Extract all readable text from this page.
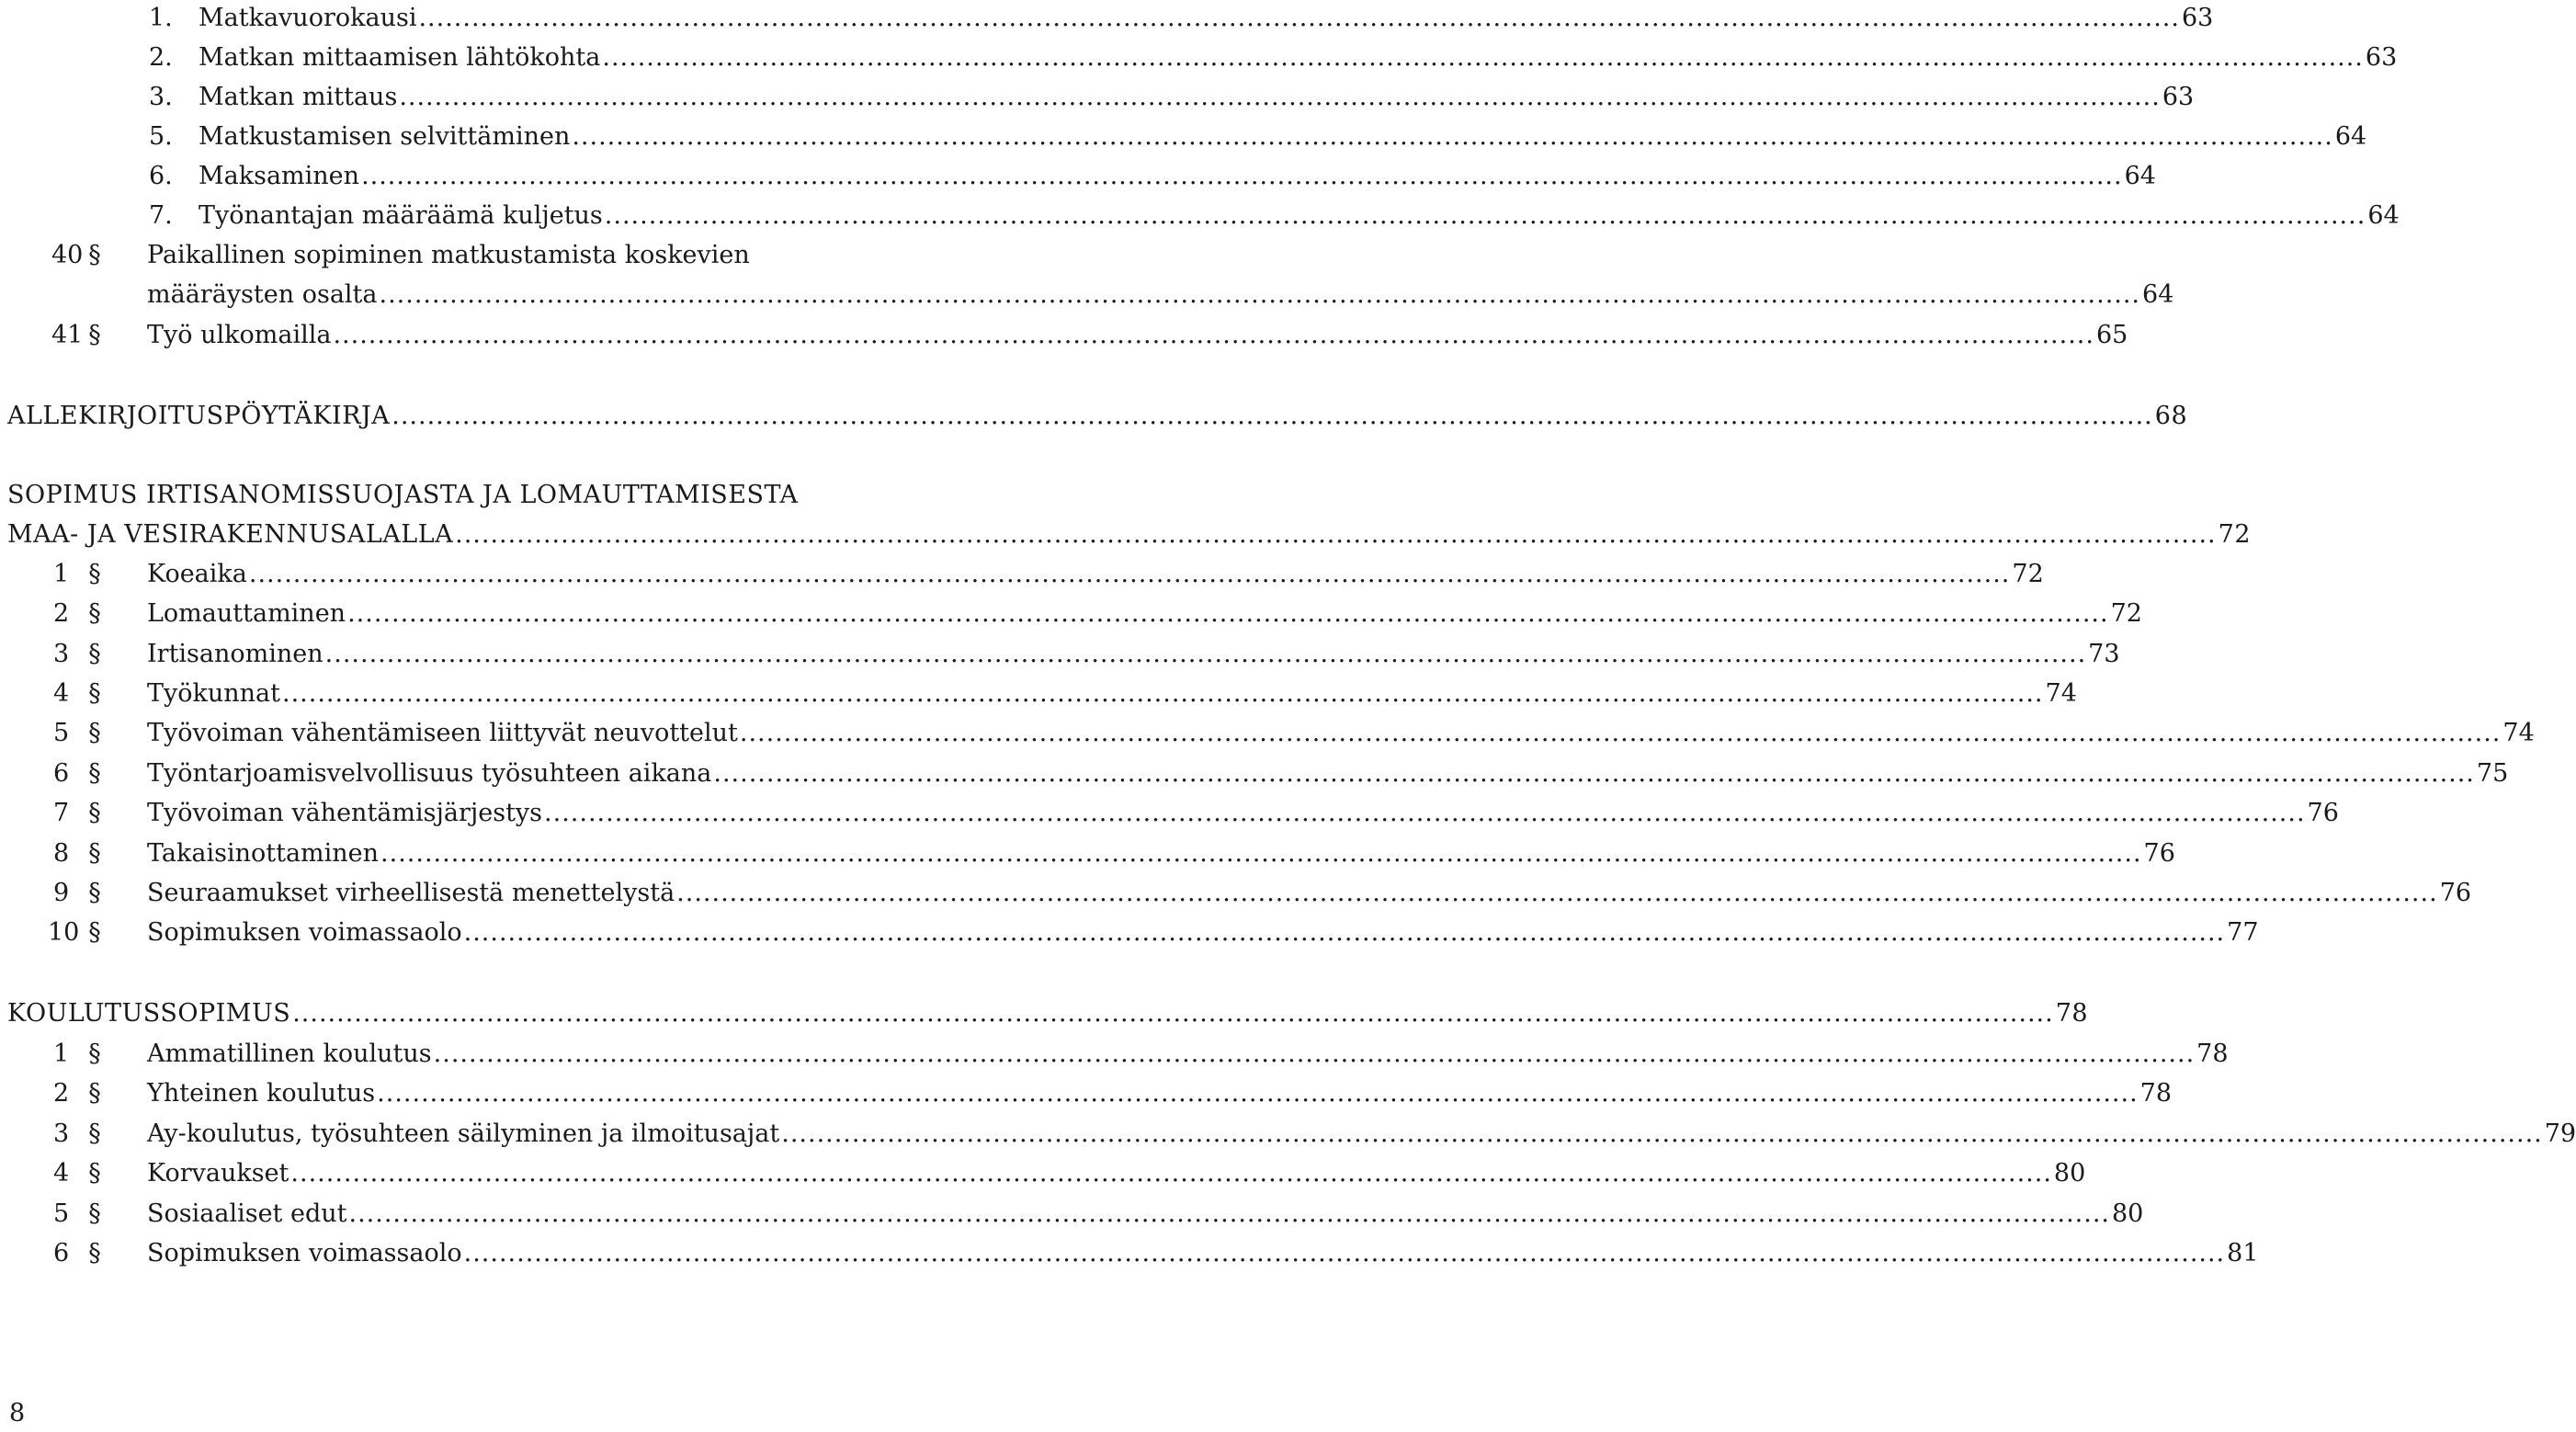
1. Matkavuorokausi ........................................................................................................................................................................................................ 63
2. Matkan mittaamisen lähtökohta ........................................................................................................................................................................................................ 63
3. Matkan mittaus ........................................................................................................................................................................................................ 63
5. Matkustamisen selvittäminen ........................................................................................................................................................................................................ 64
6. Maksaminen ........................................................................................................................................................................................................ 64
7. Työnantajan määräämä kuljetus ........................................................................................................................................................................................................ 64
40 § Paikallinen sopiminen matkustamista koskevien
määräysten osalta ........................................................................................................................................................................................................ 64
41 § Työ ulkomailla ........................................................................................................................................................................................................ 65
ALLEKIRJOITUSPÖYTÄKIRJA ........................................................................................................................................................................................................ 68
SOPIMUS IRTISANOMISSUOJASTA JA LOMAUTTAMISESTA
MAA- JA VESIRAKENNUSALALLA ........................................................................................................................................................................................................ 72
1 § Koeaika ........................................................................................................................................................................................................ 72
2 § Lomauttaminen ........................................................................................................................................................................................................ 72
3 § Irtisanominen ........................................................................................................................................................................................................ 73
4 § Työkunnat ........................................................................................................................................................................................................ 74
5 § Työvoiman vähentämiseen liittyvät neuvottelut ........................................................................................................................................................................................................ 74
6 § Työntarjoamisvelvollisuus työsuhteen aikana ........................................................................................................................................................................................................ 75
7 § Työvoiman vähentämisjärjestys ........................................................................................................................................................................................................ 76
8 § Takaisinottaminen ........................................................................................................................................................................................................ 76
9 § Seuraamukset virheellisestä menettelystä ........................................................................................................................................................................................................ 76
10 § Sopimuksen voimassaolo ........................................................................................................................................................................................................ 77
KOULUTUSSOPIMUS ........................................................................................................................................................................................................ 78
1 § Ammatillinen koulutus ........................................................................................................................................................................................................ 78
2 § Yhteinen koulutus ........................................................................................................................................................................................................ 78
3 § Ay-koulutus, työsuhteen säilyminen ja ilmoitusajat ........................................................................................................................................................................................................ 79
4 § Korvaukset ........................................................................................................................................................................................................ 80
5 § Sosiaaliset edut ........................................................................................................................................................................................................ 80
6 § Sopimuksen voimassaolo ........................................................................................................................................................................................................ 81
8
